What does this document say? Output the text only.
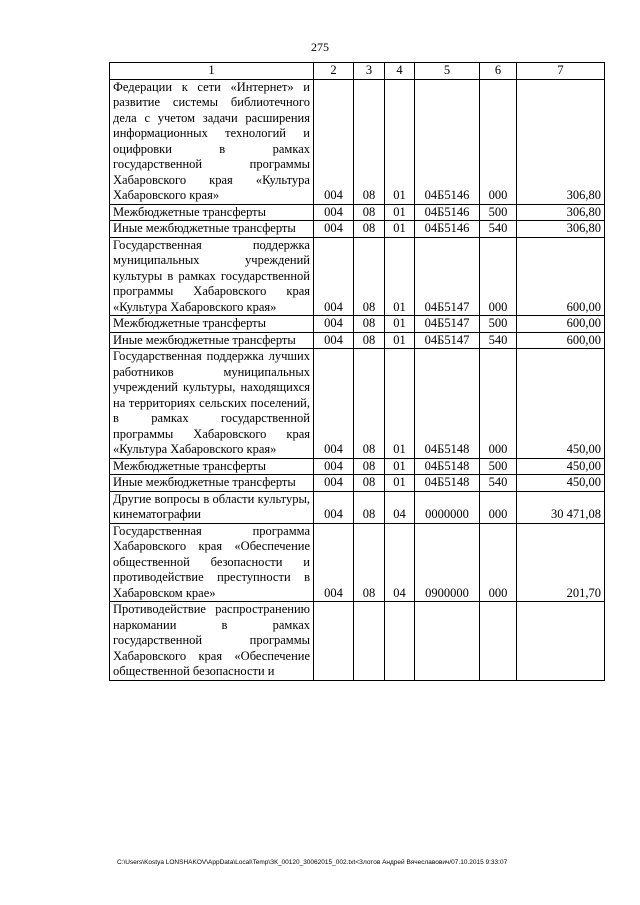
275
1	2	3	4	5	6	7
Федерации к сети «Интернет» и развитие системы библиотечного дела с учетом задачи расширения информационных технологий и оцифровки в рамках государственной программы Хабаровского края «Культура Хабаровского края»	004	08	01	04Б5146	000	306,80
Межбюджетные трансферты	004	08	01	04Б5146	500	306,80
Иные межбюджетные трансферты	004	08	01	04Б5146	540	306,80
Государственная поддержка муниципальных учреждений культуры в рамках государственной программы Хабаровского края «Культура Хабаровского края»	004	08	01	04Б5147	000	600,00
Межбюджетные трансферты	004	08	01	04Б5147	500	600,00
Иные межбюджетные трансферты	004	08	01	04Б5147	540	600,00
Государственная поддержка лучших работников муниципальных учреждений культуры, находящихся на территориях сельских поселений, в рамках государственной программы Хабаровского края «Культура Хабаровского края»	004	08	01	04Б5148	000	450,00
Межбюджетные трансферты	004	08	01	04Б5148	500	450,00
Иные межбюджетные трансферты	004	08	01	04Б5148	540	450,00
Другие вопросы в области культуры, кинематографии	004	08	04	0000000	000	30 471,08
Государственная программа Хабаровского края «Обеспечение общественной безопасности и противодействие преступности в Хабаровском крае»	004	08	04	0900000	000	201,70
Противодействие распространению наркомании в рамках государственной программы Хабаровского края «Обеспечение общественной безопасности и						
C:\Users\Kostya LONSHAKOV\AppData\Local\Temp\ЗК_00120_30062015_002.txt<Злотов Андрей Вячеславович/07.10.2015 9:33:07
